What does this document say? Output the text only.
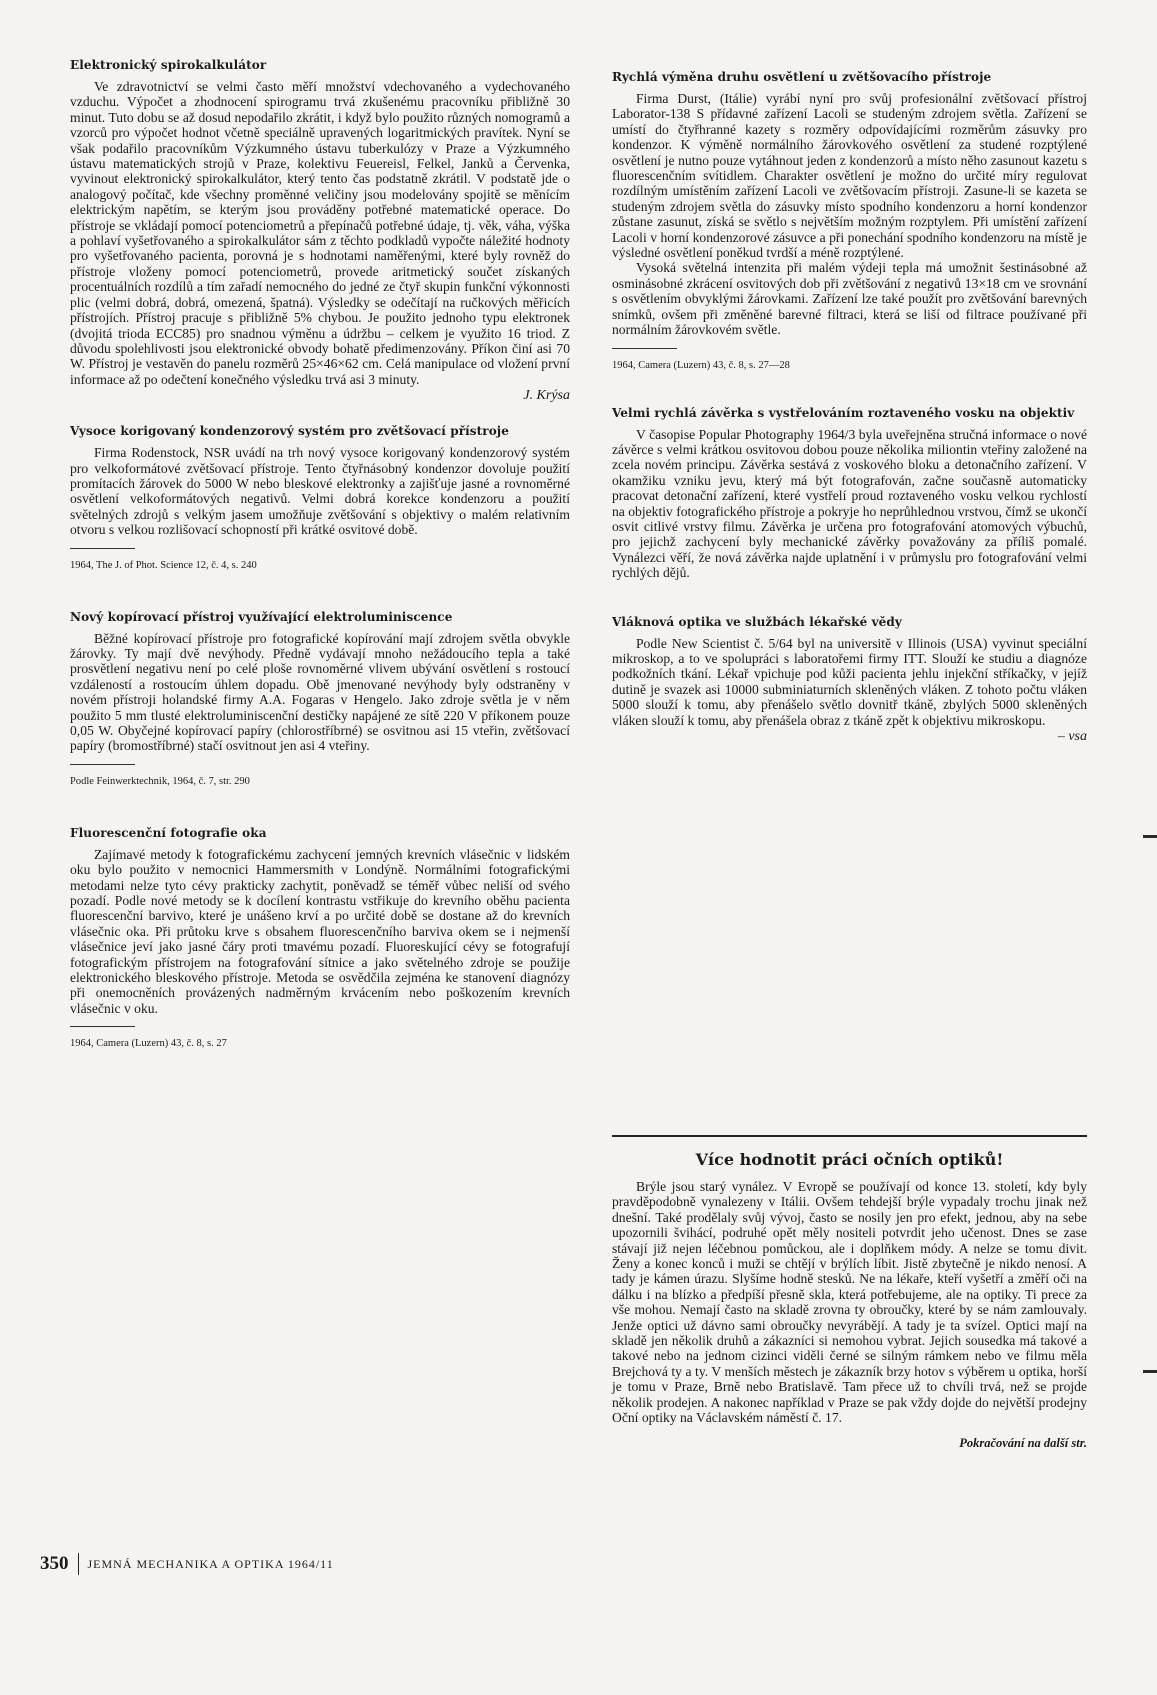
Elektronický spirokalkulátor

Ve zdravotnictví se velmi často měří množství vdechovaného a vydechovaného vzduchu. Výpočet a zhodnocení spirogramu trvá zkušenému pracovníku přibližně 30 minut. Tuto dobu se až dosud nepodařilo zkrátit, i když bylo použito různých nomogramů a vzorců pro výpočet hodnot včetně speciálně upravených logaritmických pravítek. Nyní se však podařilo pracovníkům Výzkumného ústavu tuberkulózy v Praze a Výzkumného ústavu matematických strojů v Praze, kolektivu Feuereisl, Felkel, Janků a Červenka, vyvinout elektronický spirokalkulátor, který tento čas podstatně zkrátil. V podstatě jde o analogový počítač, kde všechny proměnné veličiny jsou modelovány spojitě se měnícím elektrickým napětím, se kterým jsou prováděny potřebné matematické operace. Do přístroje se vkládají pomocí potenciometrů a přepínačů potřebné údaje, tj. věk, váha, výška a pohlaví vyšetřovaného a spirokalkulátor sám z těchto podkladů vypočte náležité hodnoty pro vyšetřovaného pacienta, porovná je s hodnotami naměřenými, které byly rovněž do přístroje vloženy pomocí potenciometrů, provede aritmetický součet získaných procentuálních rozdílů a tím zařadí nemocného do jedné ze čtyř skupin funkční výkonnosti plic (velmi dobrá, dobrá, omezená, špatná). Výsledky se odečítají na ručkových měřicích přístrojích. Přístroj pracuje s přibližně 5% chybou. Je použito jednoho typu elektronek (dvojitá trioda ECC85) pro snadnou výměnu a údržbu – celkem je využito 16 triod. Z důvodu spolehlivosti jsou elektronické obvody bohatě předimenzovány. Příkon činí asi 70 W. Přístroj je vestavěn do panelu rozměrů 25×46×62 cm. Celá manipulace od vložení první informace až po odečtení konečného výsledku trvá asi 3 minuty.

J. Krýsa

Vysoce korigovaný kondenzorový systém pro zvětšovací přístroje

Firma Rodenstock, NSR uvádí na trh nový vysoce korigovaný kondenzorový systém pro velkoformátové zvětšovací přístroje. Tento čtyřnásobný kondenzor dovoluje použití promítacích žárovek do 5000 W nebo bleskové elektronky a zajišťuje jasné a rovnoměrné osvětlení velkoformátových negativů. Velmi dobrá korekce kondenzoru a použití světelných zdrojů s velkým jasem umožňuje zvětšování s objektivy o malém relativním otvoru s velkou rozlišovací schopností při krátké osvitové době.

1964, The J. of Phot. Science 12, č. 4, s. 240

Nový kopírovací přístroj využívající elektroluminiscence

Běžné kopírovací přístroje pro fotografické kopírování mají zdrojem světla obvykle žárovky. Ty mají dvě nevýhody. Předně vydávají mnoho nežádoucího tepla a také prosvětlení negativu není po celé ploše rovnoměrné vlivem ubývání osvětlení s rostoucí vzdáleností a rostoucím úhlem dopadu. Obě jmenované nevýhody byly odstraněny v novém přístroji holandské firmy A.A. Fogaras v Hengelo. Jako zdroje světla je v něm použito 5 mm tlusté elektroluminiscenční destičky napájené ze sítě 220 V příkonem pouze 0,05 W. Obyčejné kopírovací papíry (chlorostříbrné) se osvitnou asi 15 vteřin, zvětšovací papíry (bromostříbrné) stačí osvitnout jen asi 4 vteřiny.

Podle Feinwerktechnik, 1964, č. 7, str. 290

Fluorescenční fotografie oka

Zajímavé metody k fotografickému zachycení jemných krevních vlásečnic v lidském oku bylo použito v nemocnici Hammersmith v Londýně. Normálními fotografickými metodami nelze tyto cévy prakticky zachytit, poněvadž se téměř vůbec neliší od svého pozadí. Podle nové metody se k docílení kontrastu vstřikuje do krevního oběhu pacienta fluorescenční barvivo, které je unášeno krví a po určité době se dostane až do krevních vlásečnic oka. Při průtoku krve s obsahem fluorescenčního barviva okem se i nejmenší vlásečnice jeví jako jasné čáry proti tmavému pozadí. Fluoreskující cévy se fotografují fotografickým přístrojem na fotografování sítnice a jako světelného zdroje se použije elektronického bleskového přístroje. Metoda se osvědčila zejména ke stanovení diagnózy při onemocněních provázených nadměrným krvácením nebo poškozením krevních vlásečnic v oku.

1964, Camera (Luzern) 43, č. 8, s. 27

Rychlá výměna druhu osvětlení u zvětšovacího přístroje

Firma Durst, (Itálie) vyrábí nyní pro svůj profesionální zvětšovací přístroj Laborator-138 S přídavné zařízení Lacoli se studeným zdrojem světla. Zařízení se umístí do čtyřhranné kazety s rozměry odpovídajícími rozměrům zásuvky pro kondenzor. K výměně normálního žárovkového osvětlení za studené rozptýlené osvětlení je nutno pouze vytáhnout jeden z kondenzorů a místo něho zasunout kazetu s fluorescenčním svítidlem. Charakter osvětlení je možno do určité míry regulovat rozdílným umístěním zařízení Lacoli ve zvětšovacím přístroji. Zasune-li se kazeta se studeným zdrojem světla do zásuvky místo spodního kondenzoru a horní kondenzor zůstane zasunut, získá se světlo s největším možným rozptylem. Při umístění zařízení Lacoli v horní kondenzorové zásuvce a při ponechání spodního kondenzoru na místě je výsledné osvětlení poněkud tvrdší a méně rozptýlené.

Vysoká světelná intenzita při malém výdeji tepla má umožnit šestinásobné až osminásobné zkrácení osvitových dob při zvětšování z negativů 13×18 cm ve srovnání s osvětlením obvyklými žárovkami. Zařízení lze také použít pro zvětšování barevných snímků, ovšem při změněné barevné filtraci, která se liší od filtrace používané při normálním žárovkovém světle.

1964, Camera (Luzern) 43, č. 8, s. 27—28

Velmi rychlá závěrka s vystřelováním roztaveného vosku na objektiv

V časopise Popular Photography 1964/3 byla uveřejněna stručná informace o nové závěrce s velmi krátkou osvitovou dobou pouze několika miliontin vteřiny založené na zcela novém principu. Závěrka sestává z voskového bloku a detonačního zařízení. V okamžiku vzniku jevu, který má být fotografován, začne současně automaticky pracovat detonační zařízení, které vystřelí proud roztaveného vosku velkou rychlostí na objektiv fotografického přístroje a pokryje ho neprůhlednou vrstvou, čímž se ukončí osvit citlivé vrstvy filmu. Závěrka je určena pro fotografování atomových výbuchů, pro jejichž zachycení byly mechanické závěrky považovány za příliš pomalé. Vynálezci věří, že nová závěrka najde uplatnění i v průmyslu pro fotografování velmi rychlých dějů.

Vláknová optika ve službách lékařské vědy

Podle New Scientist č. 5/64 byl na universitě v Illinois (USA) vyvinut speciální mikroskop, a to ve spolupráci s laboratořemi firmy ITT. Slouží ke studiu a diagnóze podkožních tkání. Lékař vpichuje pod kůži pacienta jehlu injekční stříkačky, v jejíž dutině je svazek asi 10000 subminiaturních skleněných vláken. Z tohoto počtu vláken 5000 slouží k tomu, aby přenášelo světlo dovnitř tkáně, zbylých 5000 skleněných vláken slouží k tomu, aby přenášela obraz z tkáně zpět k objektivu mikroskopu.

– vsa

Více hodnotit práci očních optiků!

Brýle jsou starý vynález. V Evropě se používají od konce 13. století, kdy byly pravděpodobně vynalezeny v Itálii. Ovšem tehdejší brýle vypadaly trochu jinak než dnešní. Také prodělaly svůj vývoj, často se nosily jen pro efekt, jednou, aby na sebe upozornili švihácí, podruhé opět měly nositeli potvrdit jeho učenost. Dnes se zase stávají již nejen léčebnou pomůckou, ale i doplňkem módy. A nelze se tomu divit. Ženy a konec konců i muži se chtějí v brýlích líbit. Jistě zbytečně je nikdo nenosí. A tady je kámen úrazu. Slyšíme hodně stesků. Ne na lékaře, kteří vyšetří a změří oči na dálku i na blízko a předpíší přesně skla, která potřebujeme, ale na optiky. Ti prece za vše mohou. Nemají často na skladě zrovna ty obroučky, které by se nám zamlouvaly. Jenže optici už dávno sami obroučky nevyrábějí. A tady je ta svízel. Optici mají na skladě jen několik druhů a zákazníci si nemohou vybrat. Jejich sousedka má takové a takové nebo na jednom cizinci viděli černé se silným rámkem nebo ve filmu měla Brejchová ty a ty. V menších městech je zákazník brzy hotov s výběrem u optika, horší je tomu v Praze, Brně nebo Bratislavě. Tam přece už to chvíli trvá, než se projde několik prodejen. A nakonec například v Praze se pak vždy dojde do největší prodejny Oční optiky na Václavském náměstí č. 17.

Pokračování na další str.

350 JEMNÁ MECHANIKA A OPTIKA 1964/11
